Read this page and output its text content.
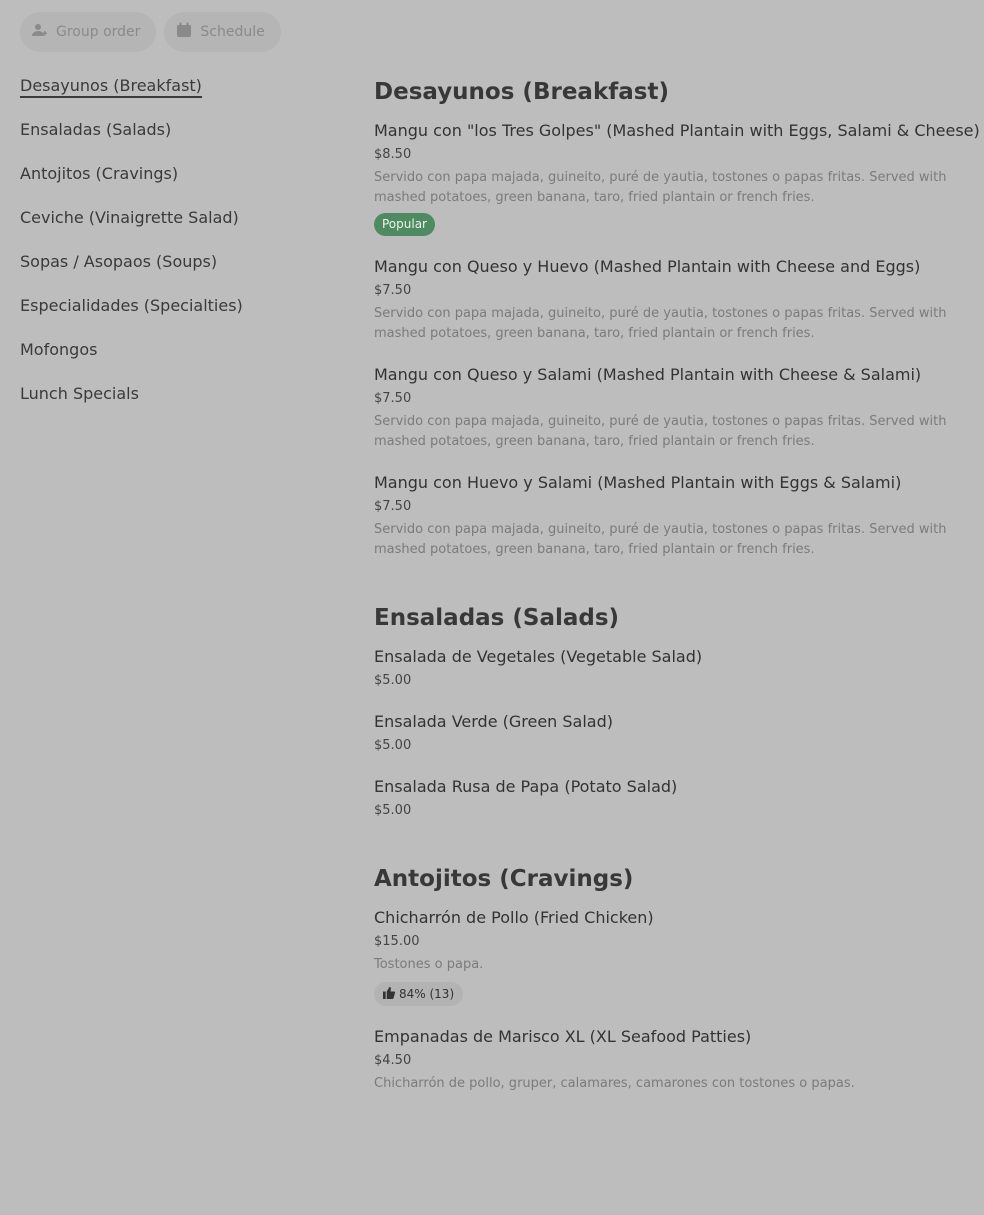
Group order	Schedule
Desayunos (Breakfast)
Ensaladas (Salads)
Antojitos (Cravings)
Ceviche (Vinaigrette Salad)
Sopas / Asopaos (Soups)
Especialidades (Specialties)
Mofongos
Lunch Specials
Desayunos (Breakfast)
Mangu con "los Tres Golpes" (Mashed Plantain with Eggs, Salami & Cheese)
$8.50
Servido con papa majada, guineito, puré de yautia, tostones o papas fritas. Served with mashed potatoes, green banana, taro, fried plantain or french fries.
Popular
Mangu con Queso y Huevo (Mashed Plantain with Cheese and Eggs)
$7.50
Servido con papa majada, guineito, puré de yautia, tostones o papas fritas. Served with mashed potatoes, green banana, taro, fried plantain or french fries.
Mangu con Queso y Salami (Mashed Plantain with Cheese & Salami)
$7.50
Servido con papa majada, guineito, puré de yautia, tostones o papas fritas. Served with mashed potatoes, green banana, taro, fried plantain or french fries.
Mangu con Huevo y Salami (Mashed Plantain with Eggs & Salami)
$7.50
Servido con papa majada, guineito, puré de yautia, tostones o papas fritas. Served with mashed potatoes, green banana, taro, fried plantain or french fries.
Ensaladas (Salads)
Ensalada de Vegetales (Vegetable Salad)
$5.00
Ensalada Verde (Green Salad)
$5.00
Ensalada Rusa de Papa (Potato Salad)
$5.00
Antojitos (Cravings)
Chicharrón de Pollo (Fried Chicken)
$15.00
Tostones o papa.
84% (13)
Empanadas de Marisco XL (XL Seafood Patties)
$4.50
Chicharrón de pollo, gruper, calamares, camarones con tostones o papas.
